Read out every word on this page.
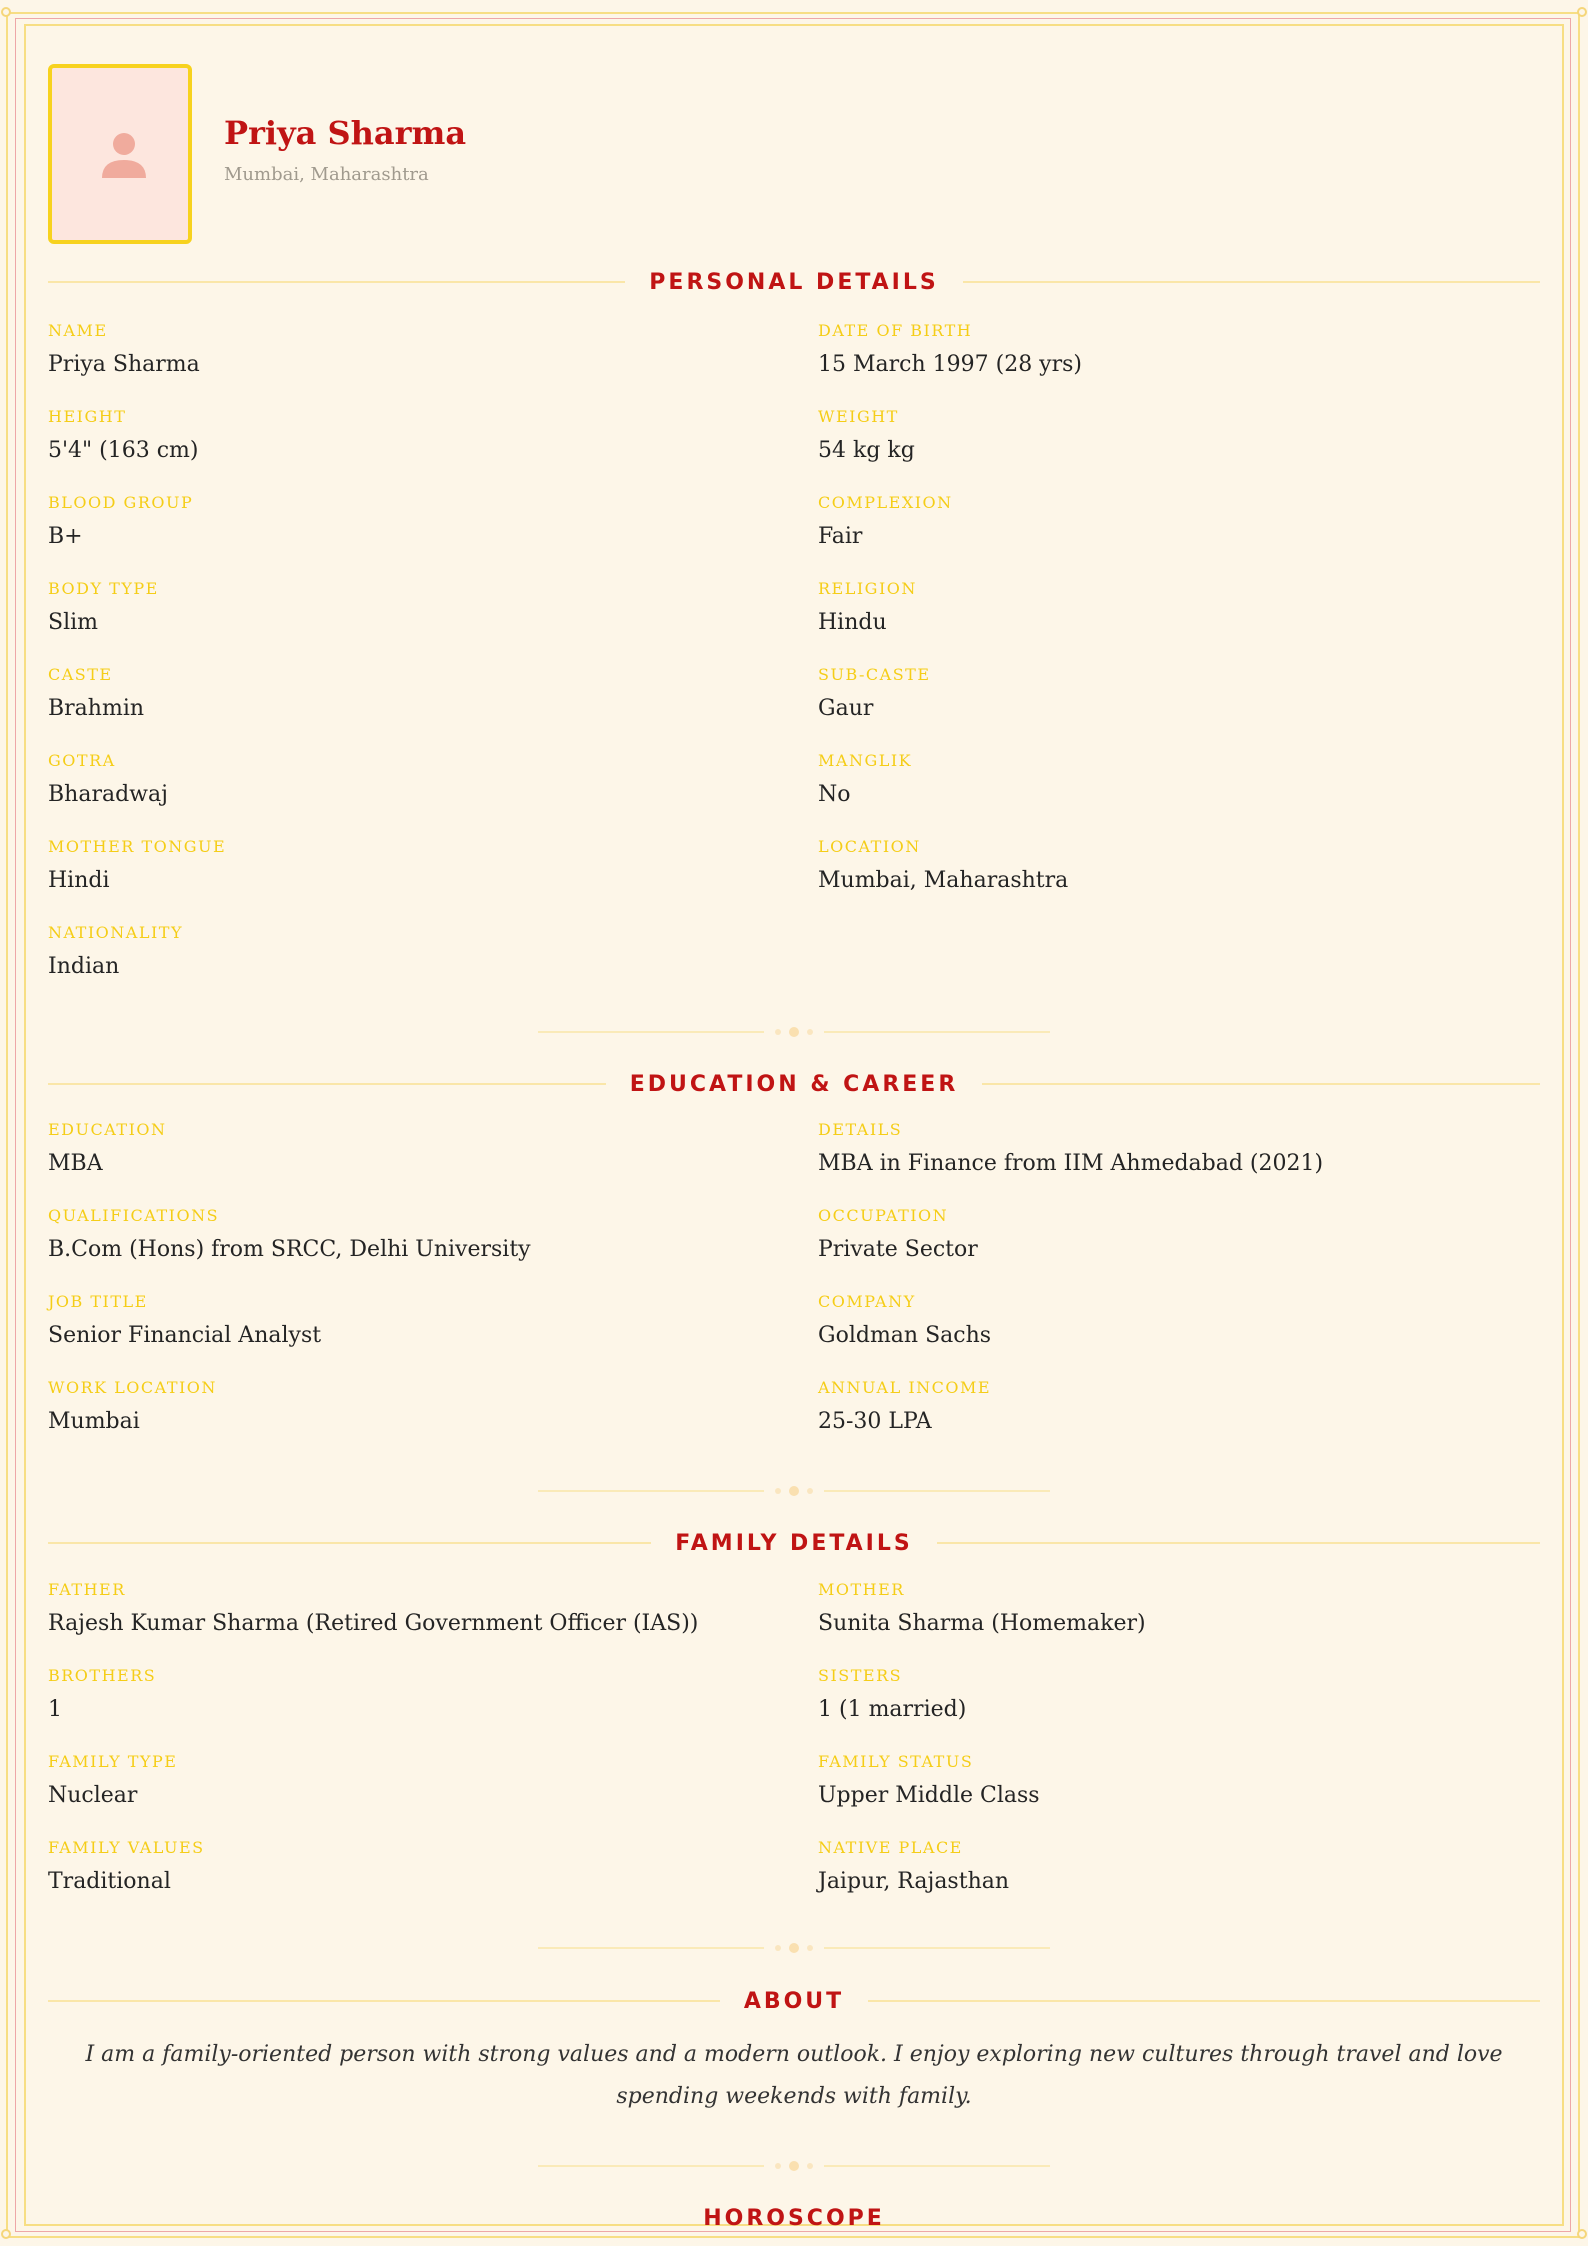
Priya Sharma
Mumbai, Maharashtra
PERSONAL DETAILS
NAME
Priya Sharma
DATE OF BIRTH
15 March 1997 (28 yrs)
HEIGHT
5'4" (163 cm)
WEIGHT
54 kg kg
BLOOD GROUP
B+
COMPLEXION
Fair
BODY TYPE
Slim
RELIGION
Hindu
CASTE
Brahmin
SUB-CASTE
Gaur
GOTRA
Bharadwaj
MANGLIK
No
MOTHER TONGUE
Hindi
LOCATION
Mumbai, Maharashtra
NATIONALITY
Indian
EDUCATION & CAREER
EDUCATION
MBA
DETAILS
MBA in Finance from IIM Ahmedabad (2021)
QUALIFICATIONS
B.Com (Hons) from SRCC, Delhi University
OCCUPATION
Private Sector
JOB TITLE
Senior Financial Analyst
COMPANY
Goldman Sachs
WORK LOCATION
Mumbai
ANNUAL INCOME
25-30 LPA
FAMILY DETAILS
FATHER
Rajesh Kumar Sharma (Retired Government Officer (IAS))
MOTHER
Sunita Sharma (Homemaker)
BROTHERS
1
SISTERS
1 (1 married)
FAMILY TYPE
Nuclear
FAMILY STATUS
Upper Middle Class
FAMILY VALUES
Traditional
NATIVE PLACE
Jaipur, Rajasthan
ABOUT
I am a family-oriented person with strong values and a modern outlook. I enjoy exploring new cultures through travel and love spending weekends with family.
HOROSCOPE
